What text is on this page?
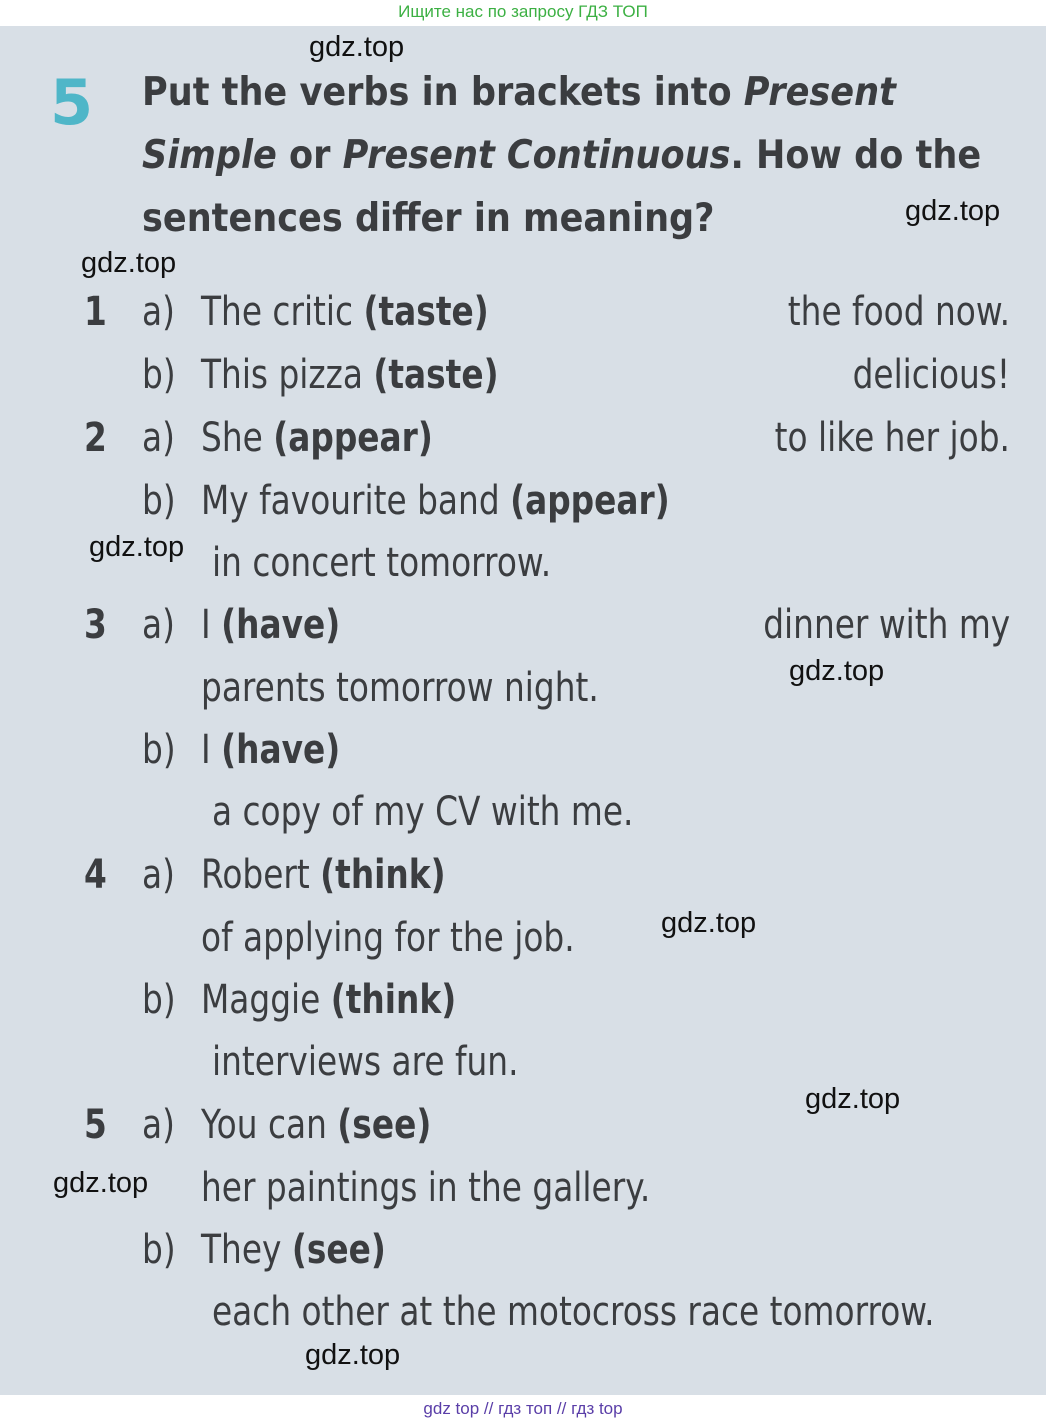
Ищите нас по запросу ГДЗ ТОП
5 Put the verbs in brackets into Present
Simple or Present Continuous. How do the
sentences differ in meaning?
1 a) The critic (taste)	the food now.
b) This pizza (taste)	delicious!
2 a) She (appear)	to like her job.
b) My favourite band (appear)
in concert tomorrow.
3 a) I (have)	dinner with my
parents tomorrow night.
b) I (have)
a copy of my CV with me.
4 a) Robert (think)
of applying for the job.
b) Maggie (think)
interviews are fun.
5 a) You can (see)
her paintings in the gallery.
b) They (see)
each other at the motocross race tomorrow.
gdz.top
gdz.top
gdz.top
gdz.top
gdz.top
gdz.top
gdz.top
gdz.top
gdz.top
gdz top // гдз топ // гдз top
